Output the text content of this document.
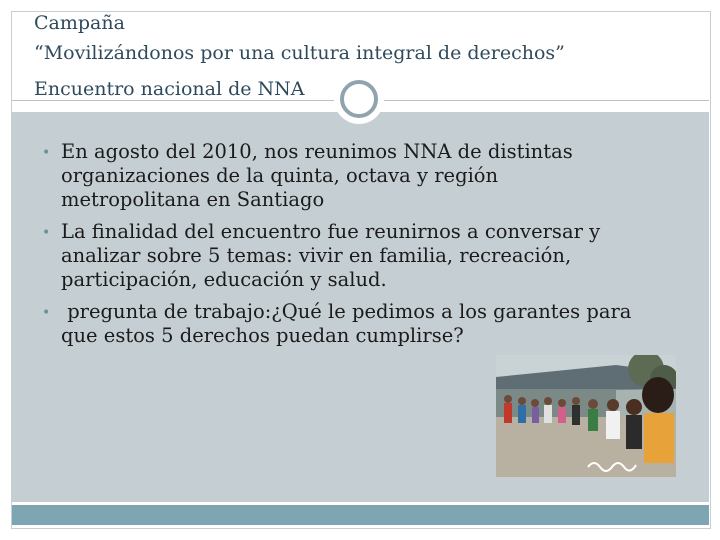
Campaña
“Movilizándonos por una cultura integral de derechos”
Encuentro nacional de NNA
• En agosto del 2010, nos reunimos NNA de distintas
organizaciones de la quinta, octava y región
metropolitana en Santiago
• La finalidad del encuentro fue reunirnos a conversar y
analizar sobre 5 temas: vivir en familia, recreación,
participación, educación y salud.
• pregunta de trabajo:¿Qué le pedimos a los garantes para
que estos 5 derechos puedan cumplirse?
